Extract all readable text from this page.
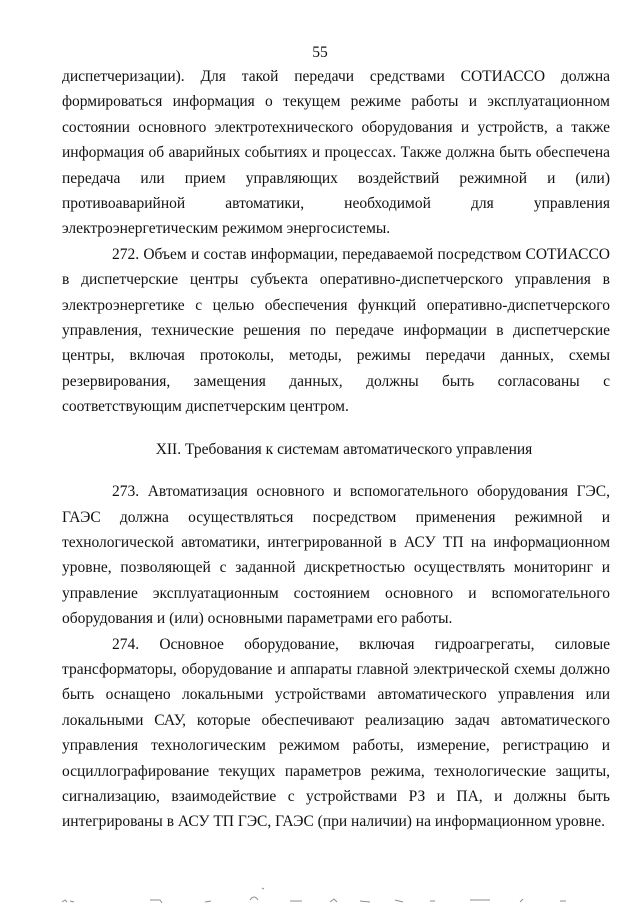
55

диспетчеризации). Для такой передачи средствами СОТИАССО должна формироваться информация о текущем режиме работы и эксплуатационном состоянии основного электротехнического оборудования и устройств, а также информация об аварийных событиях и процессах. Также должна быть обеспечена передача или прием управляющих воздействий режимной и (или) противоаварийной автоматики, необходимой для управления электроэнергетическим режимом энергосистемы.

272. Объем и состав информации, передаваемой посредством СОТИАССО в диспетчерские центры субъекта оперативно-диспетчерского управления в электроэнергетике с целью обеспечения функций оперативно-диспетчерского управления, технические решения по передаче информации в диспетчерские центры, включая протоколы, методы, режимы передачи данных, схемы резервирования, замещения данных, должны быть согласованы с соответствующим диспетчерским центром.

XII. Требования к системам автоматического управления

273. Автоматизация основного и вспомогательного оборудования ГЭС, ГАЭС должна осуществляться посредством применения режимной и технологической автоматики, интегрированной в АСУ ТП на информационном уровне, позволяющей с заданной дискретностью осуществлять мониторинг и управление эксплуатационным состоянием основного и вспомогательного оборудования и (или) основными параметрами его работы.

274. Основное оборудование, включая гидроагрегаты, силовые трансформаторы, оборудование и аппараты главной электрической схемы должно быть оснащено локальными устройствами автоматического управления или локальными САУ, которые обеспечивают реализацию задач автоматического управления технологическим режимом работы, измерение, регистрацию и осциллографирование текущих параметров режима, технологические защиты, сигнализацию, взаимодействие с устройствами РЗ и ПА, и должны быть интегрированы в АСУ ТП ГЭС, ГАЭС (при наличии) на информационном уровне.
